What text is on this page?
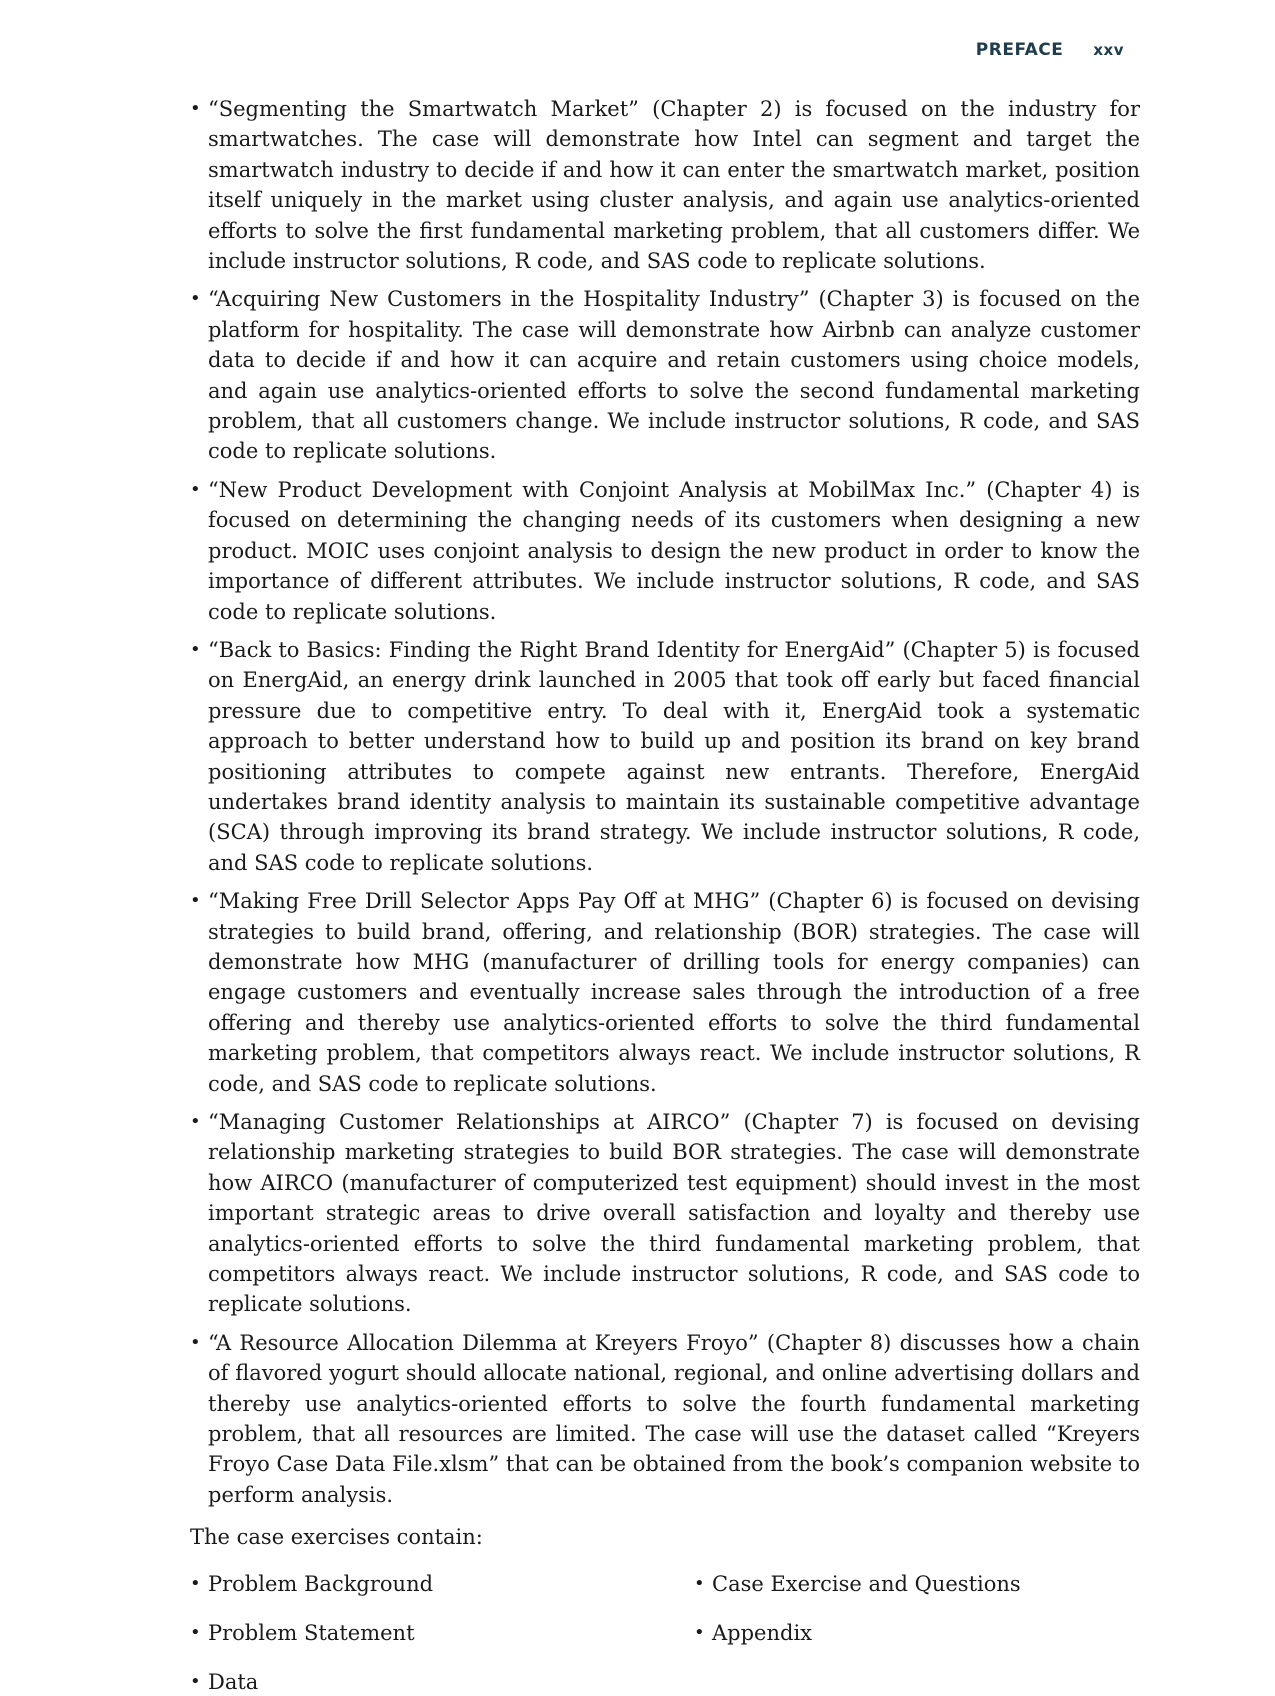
PREFACE xxv
• “Segmenting the Smartwatch Market” (Chapter 2) is focused on the industry for smartwatches. The case will demonstrate how Intel can segment and target the smartwatch industry to decide if and how it can enter the smartwatch market, position itself uniquely in the market using cluster analysis, and again use analytics-oriented efforts to solve the first fundamental marketing problem, that all customers differ. We include instructor solutions, R code, and SAS code to replicate solutions.
• “Acquiring New Customers in the Hospitality Industry” (Chapter 3) is focused on the platform for hospitality. The case will demonstrate how Airbnb can analyze customer data to decide if and how it can acquire and retain customers using choice models, and again use analytics-oriented efforts to solve the second fundamental marketing problem, that all customers change. We include instructor solutions, R code, and SAS code to replicate solutions.
• “New Product Development with Conjoint Analysis at MobilMax Inc.” (Chapter 4) is focused on determining the changing needs of its customers when designing a new product. MOIC uses conjoint analysis to design the new product in order to know the importance of different attributes. We include instructor solutions, R code, and SAS code to replicate solutions.
• “Back to Basics: Finding the Right Brand Identity for EnergAid” (Chapter 5) is focused on EnergAid, an energy drink launched in 2005 that took off early but faced financial pressure due to competitive entry. To deal with it, EnergAid took a systematic approach to better understand how to build up and position its brand on key brand positioning attributes to compete against new entrants. Therefore, EnergAid undertakes brand identity analysis to maintain its sustainable competitive advantage (SCA) through improving its brand strategy. We include instructor solutions, R code, and SAS code to replicate solutions.
• “Making Free Drill Selector Apps Pay Off at MHG” (Chapter 6) is focused on devising strategies to build brand, offering, and relationship (BOR) strategies. The case will demonstrate how MHG (manufacturer of drilling tools for energy companies) can engage customers and eventually increase sales through the introduction of a free offering and thereby use analytics-oriented efforts to solve the third fundamental marketing problem, that competitors always react. We include instructor solutions, R code, and SAS code to replicate solutions.
• “Managing Customer Relationships at AIRCO” (Chapter 7) is focused on devising relationship marketing strategies to build BOR strategies. The case will demonstrate how AIRCO (manufacturer of computerized test equipment) should invest in the most important strategic areas to drive overall satisfaction and loyalty and thereby use analytics-oriented efforts to solve the third fundamental marketing problem, that competitors always react. We include instructor solutions, R code, and SAS code to replicate solutions.
• “A Resource Allocation Dilemma at Kreyers Froyo” (Chapter 8) discusses how a chain of flavored yogurt should allocate national, regional, and online advertising dollars and thereby use analytics-oriented efforts to solve the fourth fundamental marketing problem, that all resources are limited. The case will use the dataset called “Kreyers Froyo Case Data File.xlsm” that can be obtained from the book’s companion website to perform analysis.

The case exercises contain:

• Problem Background	• Case Exercise and Questions
• Problem Statement	• Appendix
• Data
